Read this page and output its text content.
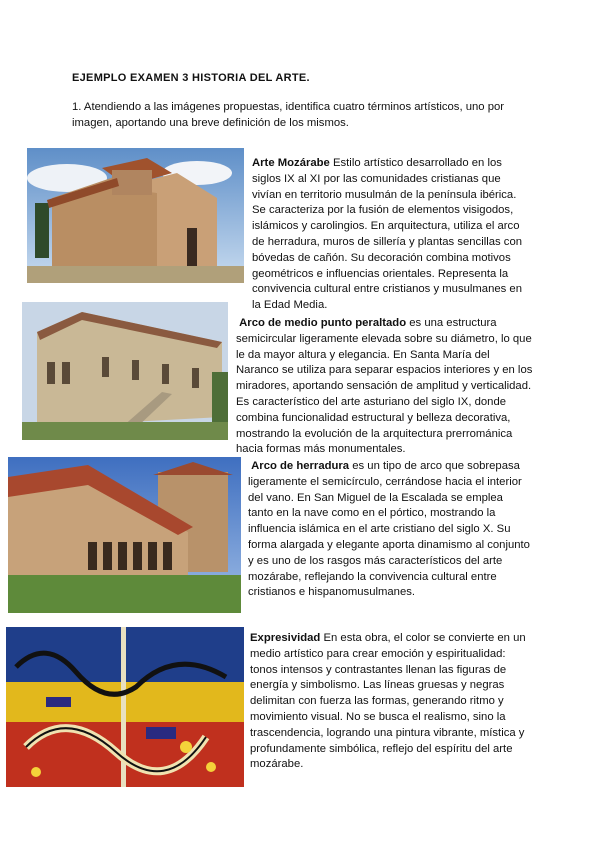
EJEMPLO EXAMEN 3 HISTORIA DEL ARTE.
1. Atendiendo a las imágenes propuestas, identifica cuatro términos artísticos, uno por
imagen, aportando una breve definición de los mismos.
Arte Mozárabe Estilo artístico desarrollado en los
siglos IX al XI por las comunidades cristianas que
vivían en territorio musulmán de la península ibérica.
Se caracteriza por la fusión de elementos visigodos,
islámicos y carolingios. En arquitectura, utiliza el arco
de herradura, muros de sillería y plantas sencillas con
bóvedas de cañón. Su decoración combina motivos
geométricos e influencias orientales. Representa la
convivencia cultural entre cristianos y musulmanes en
la Edad Media.
Arco de medio punto peraltado es una estructura
semicircular ligeramente elevada sobre su diámetro, lo que
le da mayor altura y elegancia. En Santa María del
Naranco se utiliza para separar espacios interiores y en los
miradores, aportando sensación de amplitud y verticalidad.
Es característico del arte asturiano del siglo IX, donde
combina funcionalidad estructural y belleza decorativa,
mostrando la evolución de la arquitectura prerrománica
hacia formas más monumentales.
Arco de herradura es un tipo de arco que sobrepasa
ligeramente el semicírculo, cerrándose hacia el interior
del vano. En San Miguel de la Escalada se emplea
tanto en la nave como en el pórtico, mostrando la
influencia islámica en el arte cristiano del siglo X. Su
forma alargada y elegante aporta dinamismo al conjunto
y es uno de los rasgos más característicos del arte
mozárabe, reflejando la convivencia cultural entre
cristianos e hispanomusulmanes.
Expresividad En esta obra, el color se convierte en un
medio artístico para crear emoción y espiritualidad:
tonos intensos y contrastantes llenan las figuras de
energía y simbolismo. Las líneas gruesas y negras
delimitan con fuerza las formas, generando ritmo y
movimiento visual. No se busca el realismo, sino la
trascendencia, logrando una pintura vibrante, mística y
profundamente simbólica, reflejo del espíritu del arte
mozárabe.
